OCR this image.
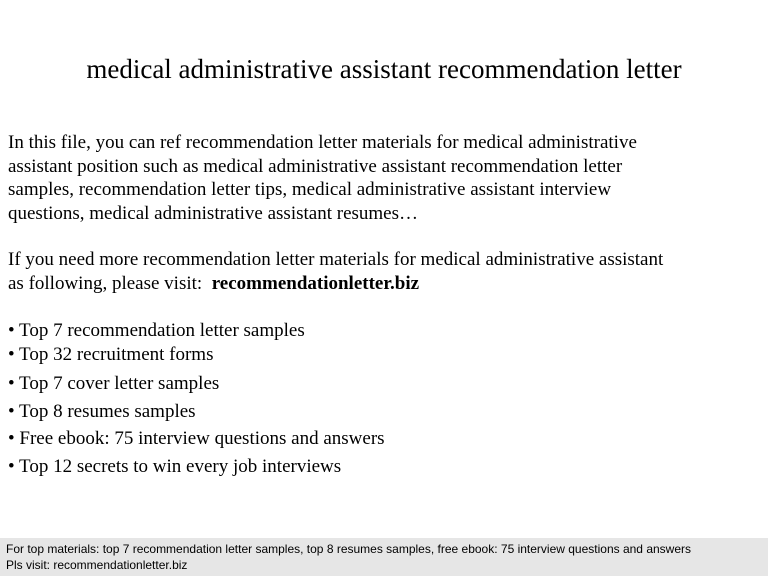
medical administrative assistant recommendation letter

In this file, you can ref recommendation letter materials for medical administrative
assistant position such as medical administrative assistant recommendation letter
samples, recommendation letter tips, medical administrative assistant interview
questions, medical administrative assistant resumes…

If you need more recommendation letter materials for medical administrative assistant
as following, please visit:  recommendationletter.biz

• Top 7 recommendation letter samples
• Top 32 recruitment forms
• Top 7 cover letter samples
• Top 8 resumes samples
• Free ebook: 75 interview questions and answers
• Top 12 secrets to win every job interviews
For top materials: top 7 recommendation letter samples, top 8 resumes samples, free ebook: 75 interview questions and answers
Pls visit: recommendationletter.biz
